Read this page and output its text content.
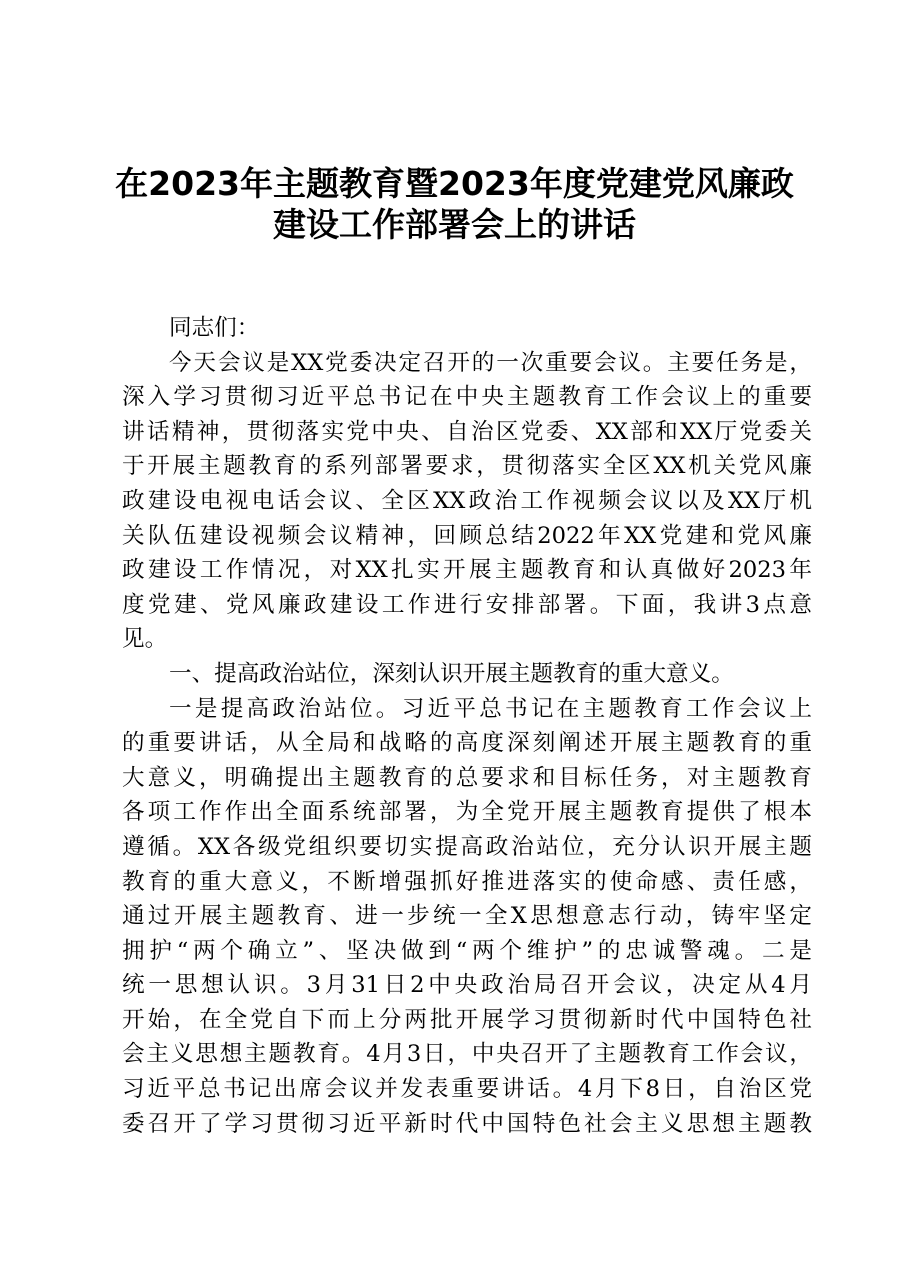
在2023年主题教育暨2023年度党建党风廉政
建设工作部署会上的讲话
同志们：
今天会议是XX党委决定召开的一次重要会议。主要任务是，
深入学习贯彻习近平总书记在中央主题教育工作会议上的重要
讲话精神，贯彻落实党中央、自治区党委、XX部和XX厅党委关
于开展主题教育的系列部署要求，贯彻落实全区XX机关党风廉
政建设电视电话会议、全区XX政治工作视频会议以及XX厅机
关队伍建设视频会议精神，回顾总结2022年XX党建和党风廉
政建设工作情况，对XX扎实开展主题教育和认真做好2023年
度党建、党风廉政建设工作进行安排部署。下面，我讲3点意
见。
一、提高政治站位，深刻认识开展主题教育的重大意义。
一是提高政治站位。习近平总书记在主题教育工作会议上
的重要讲话，从全局和战略的高度深刻阐述开展主题教育的重
大意义，明确提出主题教育的总要求和目标任务，对主题教育
各项工作作出全面系统部署，为全党开展主题教育提供了根本
遵循。XX各级党组织要切实提高政治站位，充分认识开展主题
教育的重大意义，不断增强抓好推进落实的使命感、责任感，
通过开展主题教育、进一步统一全X思想意志行动，铸牢坚定
拥护“两个确立”、坚决做到“两个维护”的忠诚警魂。二是
统一思想认识。3月31日2中央政治局召开会议，决定从4月
开始，在全党自下而上分两批开展学习贯彻新时代中国特色社
会主义思想主题教育。4月3日，中央召开了主题教育工作会议，
习近平总书记出席会议并发表重要讲话。4月下8日，自治区党
委召开了学习贯彻习近平新时代中国特色社会主义思想主题教
